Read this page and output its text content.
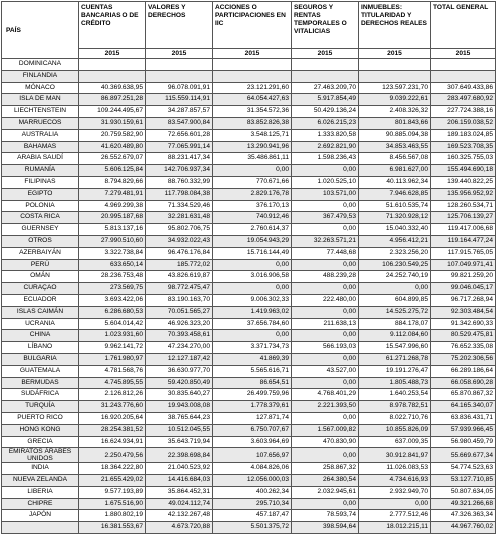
PAÍS	CUENTAS BANCARIAS O DE CRÉDITO	VALORES Y DERECHOS	ACCIONES O PARTICIPACIONES EN IIC	SEGUROS Y RENTAS TEMPORALES O VITALICIAS	INMUEBLES: TITULARIDAD Y DERECHOS REALES	TOTAL GENERAL
	2015	2015	2015	2015	2015	2015
DOMINICANA						
FINLANDIA						
MÓNACO	40.369.638,95	96.078.091,91	23.121.291,60	27.463.209,70	123.597.231,70	307.649.433,86
ISLA DE MAN	86.897.251,28	115.559.114,91	64.054.427,63	5.917.854,49	9.039.222,61	283.497.680,92
LIECHTENSTEIN	109.244.495,67	34.287.857,57	31.354.572,36	50.429.136,24	2.408.326,32	227.724.388,16
MARRUECOS	31.930.159,61	83.547.900,84	83.852.826,38	6.026.215,23	801.843,66	206.159.038,52
AUSTRALIA	20.759.582,90	72.656.601,28	3.548.125,71	1.333.820,58	90.885.094,38	189.183.024,85
BAHAMAS	41.620.489,80	77.065.991,14	13.290.941,96	2.692.821,90	34.853.463,55	169.523.708,35
ARABIA SAUDÍ	26.552.679,07	88.231.417,34	35.486.861,11	1.598.236,43	8.456.567,08	160.325.755,03
RUMANÍA	5.606.125,84	142.706.937,34	0,00	0,00	6.981.627,00	155.494.690,18
FILIPINAS	8.794.829,66	88.760.332,99	770.671,66	1.020.525,10	40.113.962,34	139.440.822,25
EGIPTO	7.279.481,91	117.798.084,38	2.829.176,78	103.571,00	7.946.628,85	135.956.952,92
POLONIA	4.969.299,38	71.334.529,46	376.170,13	0,00	51.610.535,74	128.260.534,71
COSTA RICA	20.995.187,68	32.281.631,48	740.912,46	367.479,53	71.320.928,12	125.706.139,27
GUERNSEY	5.813.137,16	95.802.706,75	2.760.614,37	0,00	15.040.332,40	119.417.006,68
OTROS	27.990.510,60	34.932.022,43	19.054.943,29	32.263.571,21	4.956.412,21	119.164.477,24
AZERBAIYÁN	3.322.738,84	96.476.176,84	15.716.144,49	77.448,68	2.323.256,20	117.915.765,05
PERÚ	633.650,14	185.772,02	0,00	0,00	106.230.549,25	107.049.971,41
OMÁN	28.236.753,48	43.826.619,87	3.016.906,58	488.239,28	24.252.740,19	99.821.259,20
CURAÇAO	273.569,75	98.772.475,47	0,00	0,00	0,00	99.046.045,17
ECUADOR	3.693.422,06	83.190.163,70	9.006.302,33	222.480,00	604.899,85	96.717.268,94
ISLAS CAIMÁN	6.286.680,53	70.051.565,27	1.419.963,02	0,00	14.525.275,72	92.303.484,54
UCRANIA	5.604.014,42	46.926.323,20	37.656.784,60	211.638,13	884.178,07	91.342.690,33
CHINA	1.023.931,60	70.393.458,61	0,00	0,00	9.112.084,60	80.529.475,81
LÍBANO	9.962.141,72	47.234.270,00	3.371.734,73	566.193,03	15.547.996,60	76.652.335,08
BULGARIA	1.761.980,97	12.127.187,42	41.869,39	0,00	61.271.268,78	75.202.306,56
GUATEMALA	4.781.568,76	36.630.977,70	5.565.616,71	43.527,00	19.191.276,47	66.289.186,64
BERMUDAS	4.745.895,55	59.420.850,49	86.654,51	0,00	1.805.488,73	66.058.690,28
SUDÁFRICA	2.126.812,26	30.835.640,27	26.499.759,96	4.768.401,29	1.640.253,54	65.870.867,32
TURQUÍA	31.243.776,60	19.943.008,08	1.778.379,61	2.221.393,50	8.978.782,51	64.165.340,07
PUERTO RICO	16.920.205,64	38.765.644,23	127.871,74	0,00	8.022.710,76	63.836.431,71
HONG KONG	28.254.381,52	10.512.045,55	6.750.707,67	1.567.009,82	10.855.826,09	57.939.966,45
GRECIA	16.624.934,91	35.643.719,94	3.603.964,69	470.830,90	637.009,35	56.980.459,79
EMIRATOS ÁRABES UNIDOS	2.250.479,56	22.398.698,84	107.656,97	0,00	30.912.841,97	55.669.677,34
INDIA	18.364.222,80	21.040.523,92	4.084.826,06	258.867,32	11.026.083,53	54.774.523,63
NUEVA ZELANDA	21.655.429,02	14.416.684,03	12.056.000,03	264.380,54	4.734.616,93	53.127.710,85
LIBERIA	9.577.193,89	35.864.452,31	400.262,34	2.032.945,61	2.932.949,70	50.807.634,05
CHIPRE	1.675.516,90	49.024.112,74	295.710,34	0,00	0,00	49.321.266,68
JAPÓN	1.880.802,19	42.132.267,48	457.187,47	78.593,74	2.777.512,46	47.326.363,34
	16.381.553,67	4.673.720,88	5.501.375,72	398.594,64	18.012.215,11	44.967.760,02
